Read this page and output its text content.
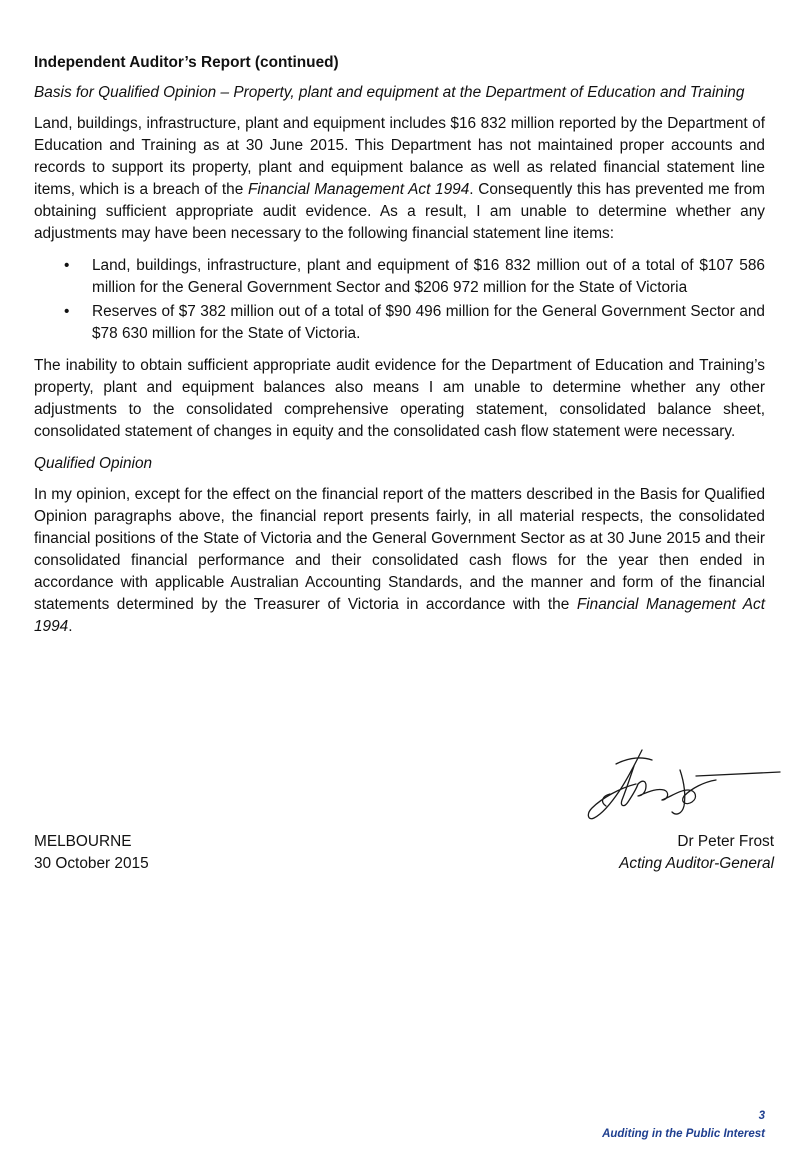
Independent Auditor’s Report (continued)
Basis for Qualified Opinion – Property, plant and equipment at the Department of Education and Training

Land, buildings, infrastructure, plant and equipment includes $16 832 million reported by the Department of Education and Training as at 30 June 2015. This Department has not maintained proper accounts and records to support its property, plant and equipment balance as well as related financial statement line items, which is a breach of the Financial Management Act 1994. Consequently this has prevented me from obtaining sufficient appropriate audit evidence. As a result, I am unable to determine whether any adjustments may have been necessary to the following financial statement line items:

• Land, buildings, infrastructure, plant and equipment of $16 832 million out of a total of $107 586 million for the General Government Sector and $206 972 million for the State of Victoria
• Reserves of $7 382 million out of a total of $90 496 million for the General Government Sector and $78 630 million for the State of Victoria.

The inability to obtain sufficient appropriate audit evidence for the Department of Education and Training’s property, plant and equipment balances also means I am unable to determine whether any other adjustments to the consolidated comprehensive operating statement, consolidated balance sheet, consolidated statement of changes in equity and the consolidated cash flow statement were necessary.

Qualified Opinion

In my opinion, except for the effect on the financial report of the matters described in the Basis for Qualified Opinion paragraphs above, the financial report presents fairly, in all material respects, the consolidated financial positions of the State of Victoria and the General Government Sector as at 30 June 2015 and their consolidated financial performance and their consolidated cash flows for the year then ended in accordance with applicable Australian Accounting Standards, and the manner and form of the financial statements determined by the Treasurer of Victoria in accordance with the Financial Management Act 1994.

MELBOURNE
30 October 2015
Dr Peter Frost
Acting Auditor-General
3
Auditing in the Public Interest
